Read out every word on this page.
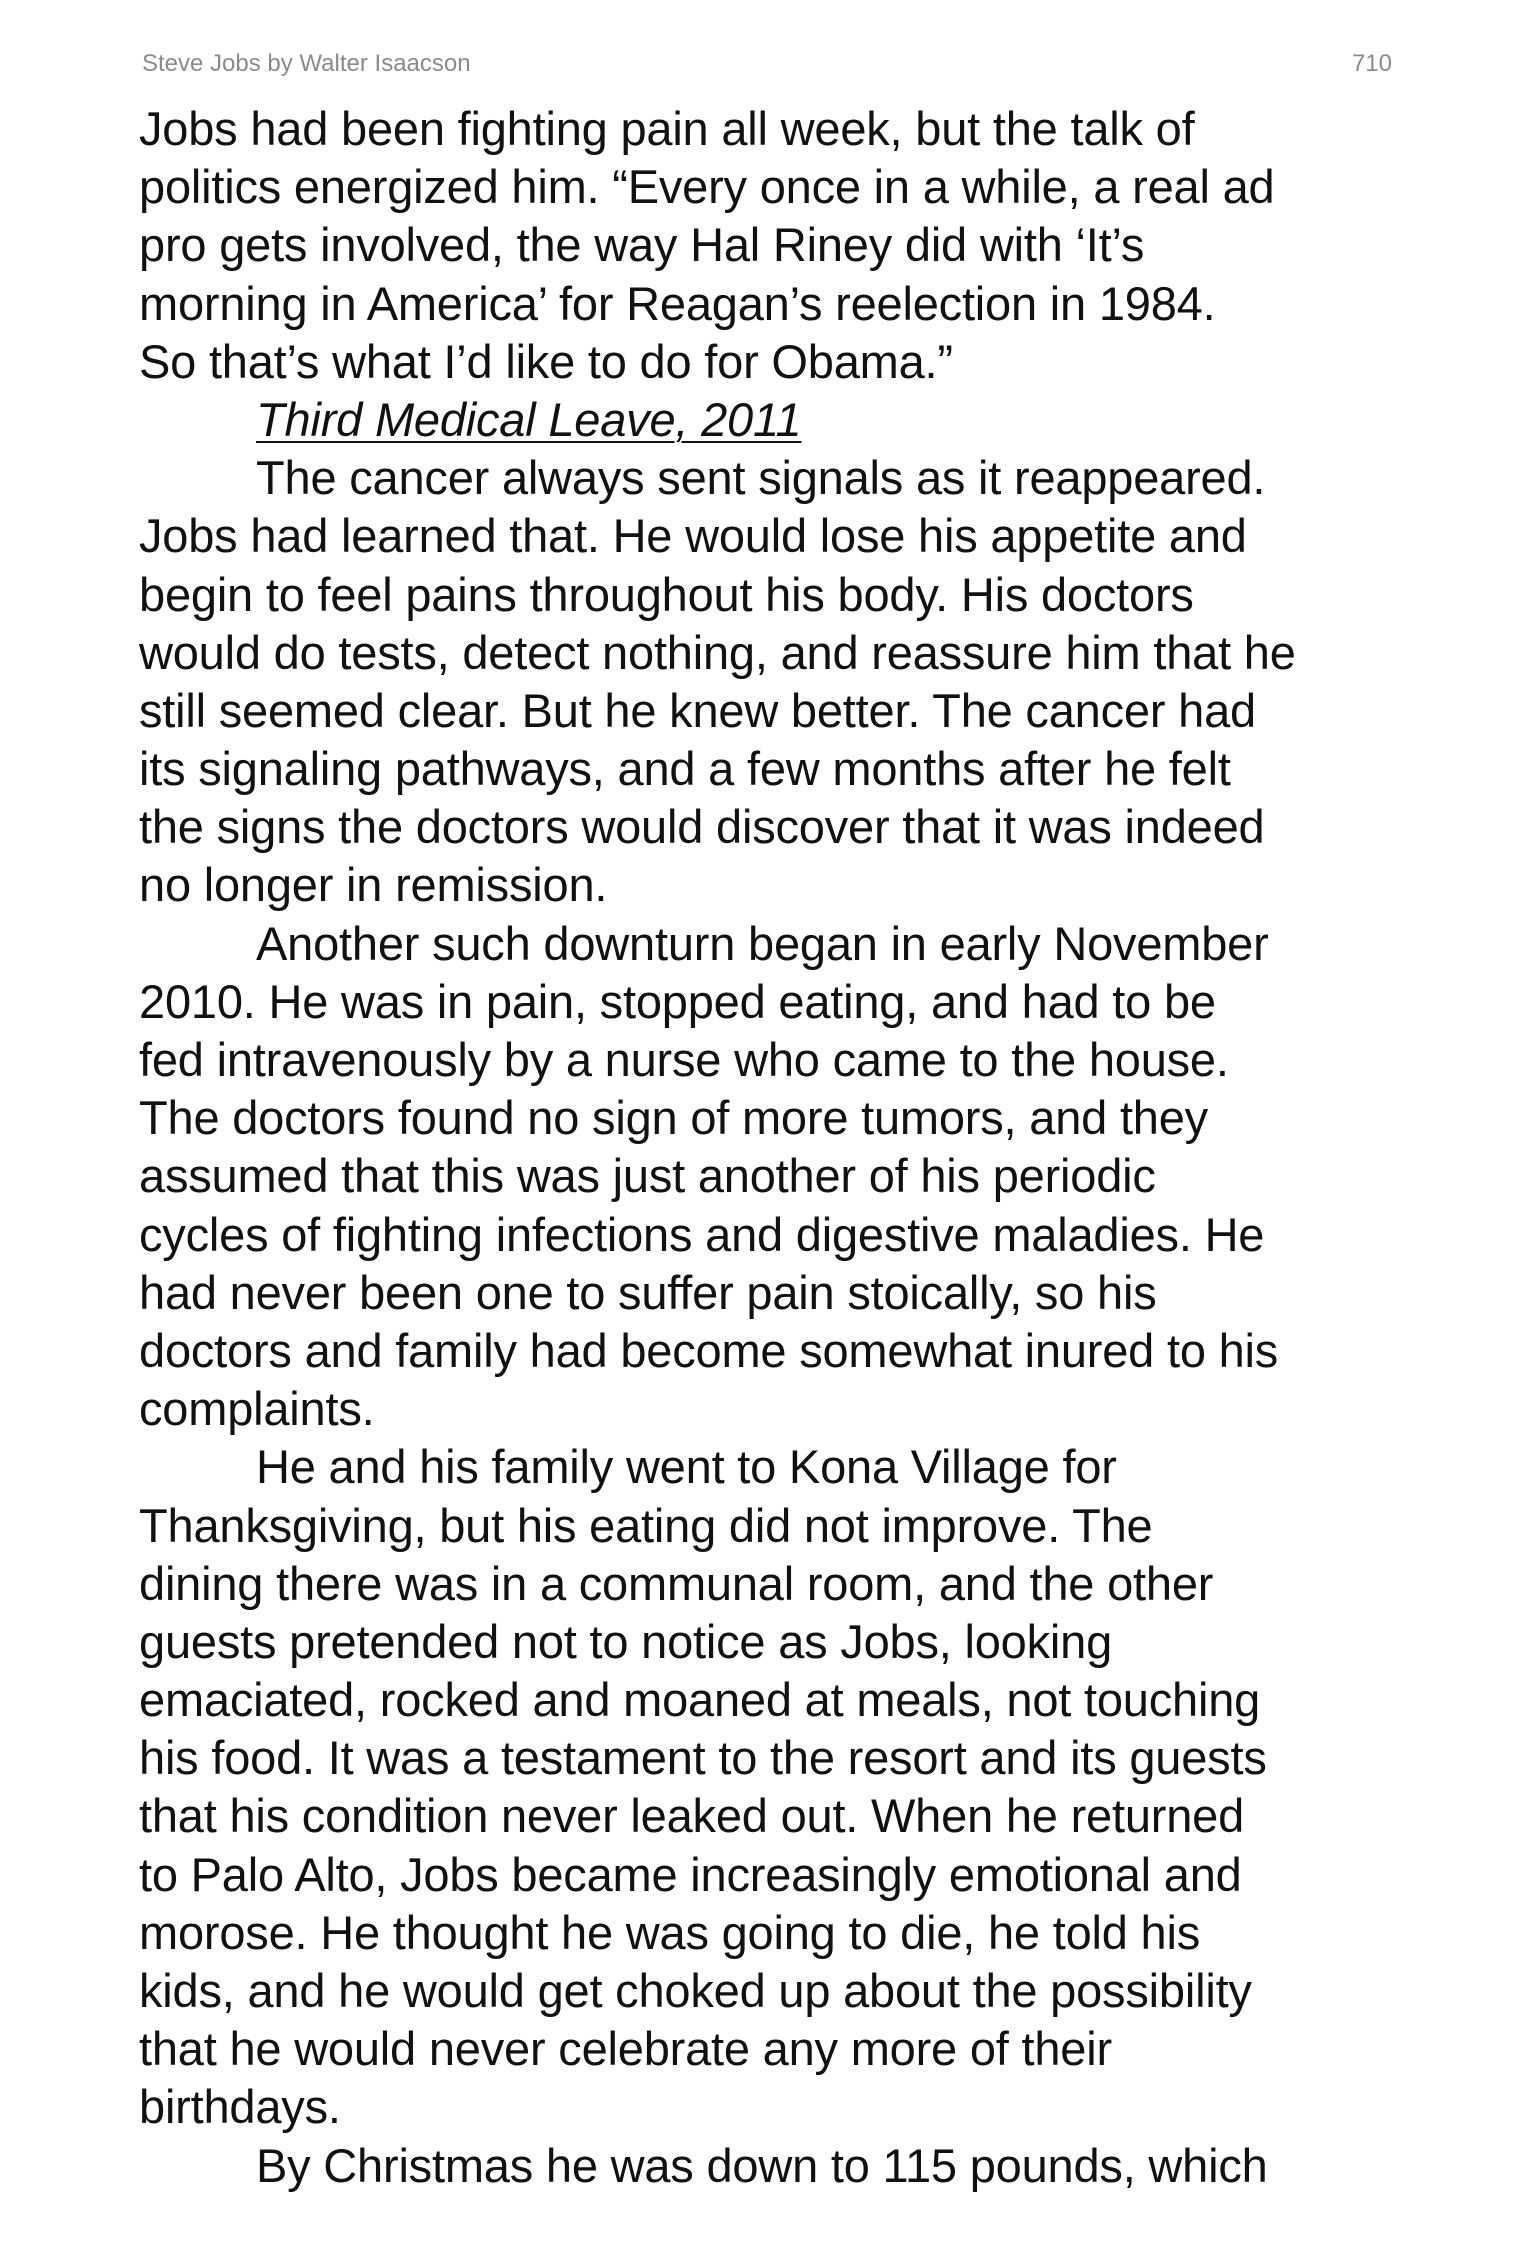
Steve Jobs by Walter Isaacson	710
Jobs had been fighting pain all week, but the talk of
politics energized him. “Every once in a while, a real ad
pro gets involved, the way Hal Riney did with ‘It’s
morning in America’ for Reagan’s reelection in 1984.
So that’s what I’d like to do for Obama.”
Third Medical Leave, 2011
The cancer always sent signals as it reappeared.
Jobs had learned that. He would lose his appetite and
begin to feel pains throughout his body. His doctors
would do tests, detect nothing, and reassure him that he
still seemed clear. But he knew better. The cancer had
its signaling pathways, and a few months after he felt
the signs the doctors would discover that it was indeed
no longer in remission.
Another such downturn began in early November
2010. He was in pain, stopped eating, and had to be
fed intravenously by a nurse who came to the house.
The doctors found no sign of more tumors, and they
assumed that this was just another of his periodic
cycles of fighting infections and digestive maladies. He
had never been one to suffer pain stoically, so his
doctors and family had become somewhat inured to his
complaints.
He and his family went to Kona Village for
Thanksgiving, but his eating did not improve. The
dining there was in a communal room, and the other
guests pretended not to notice as Jobs, looking
emaciated, rocked and moaned at meals, not touching
his food. It was a testament to the resort and its guests
that his condition never leaked out. When he returned
to Palo Alto, Jobs became increasingly emotional and
morose. He thought he was going to die, he told his
kids, and he would get choked up about the possibility
that he would never celebrate any more of their
birthdays.
By Christmas he was down to 115 pounds, which
